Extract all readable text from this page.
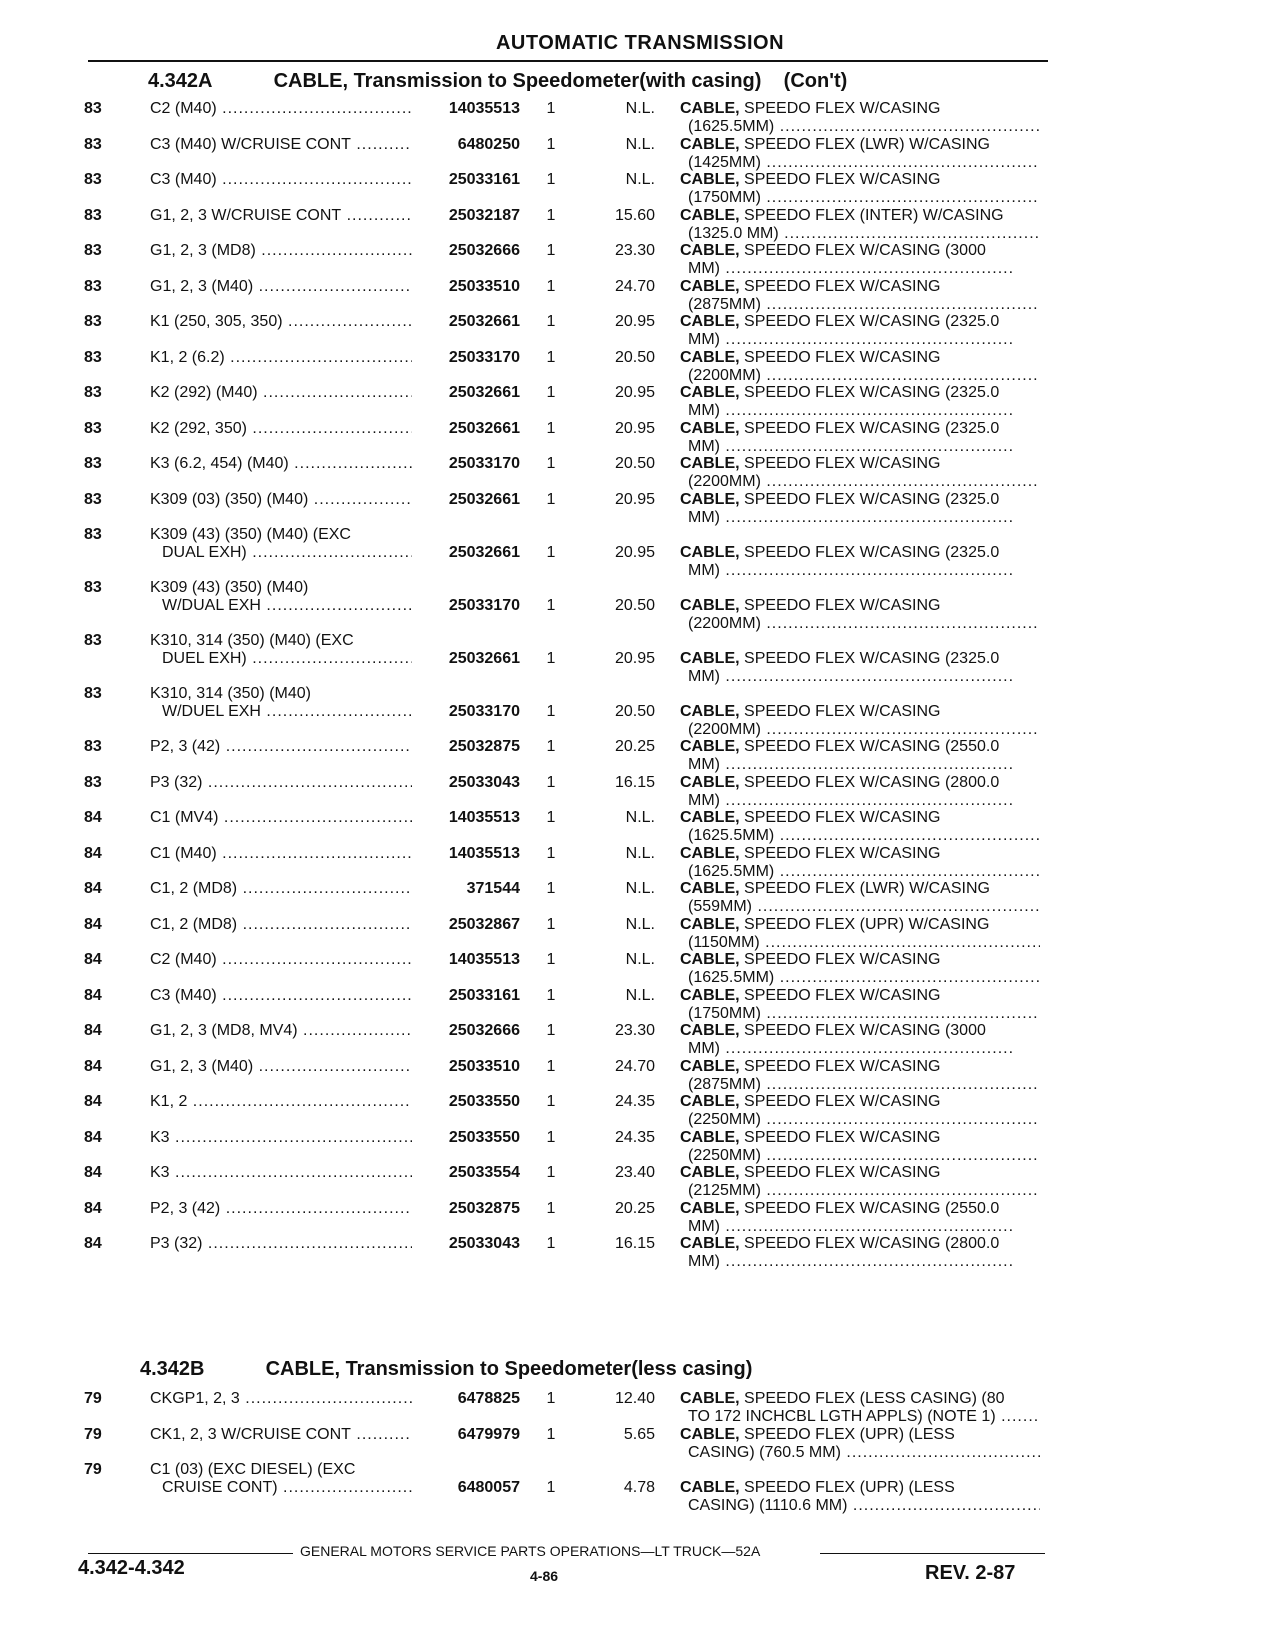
AUTOMATIC TRANSMISSION
4.342A	CABLE, Transmission to Speedometer(with casing) (Con't)
83	C2 (M40) .....	14035513 1	N.L. CABLE, SPEEDO FLEX W/CASING
(1625.5MM) .....
83	C3 (M40) W/CRUISE CONT .....	6480250 1	N.L. CABLE, SPEEDO FLEX (LWR) W/CASING
(1425MM) .....
83	C3 (M40) .....	25033161 1	N.L. CABLE, SPEEDO FLEX W/CASING
(1750MM) .....
83	G1, 2, 3 W/CRUISE CONT .....	25032187 1	15.60 CABLE, SPEEDO FLEX (INTER) W/CASING
(1325.0 MM) .....
83	G1, 2, 3 (MD8) .....	25032666 1	23.30 CABLE, SPEEDO FLEX W/CASING (3000
MM) .....
83	G1, 2, 3 (M40) .....	25033510 1	24.70 CABLE, SPEEDO FLEX W/CASING
(2875MM) .....
83	K1 (250, 305, 350) .....	25032661 1	20.95 CABLE, SPEEDO FLEX W/CASING (2325.0
MM) .....
83	K1, 2 (6.2) .....	25033170 1	20.50 CABLE, SPEEDO FLEX W/CASING
(2200MM) .....
83	K2 (292) (M40) .....	25032661 1	20.95 CABLE, SPEEDO FLEX W/CASING (2325.0
MM) .....
83	K2 (292, 350) .....	25032661 1	20.95 CABLE, SPEEDO FLEX W/CASING (2325.0
MM) .....
83	K3 (6.2, 454) (M40) .....	25033170 1	20.50 CABLE, SPEEDO FLEX W/CASING
(2200MM) .....
83	K309 (03) (350) (M40) .....	25032661 1	20.95 CABLE, SPEEDO FLEX W/CASING (2325.0
MM) .....
83	K309 (43) (350) (M40) (EXC
DUAL EXH) .....	25032661 1	20.95 CABLE, SPEEDO FLEX W/CASING (2325.0
MM) .....
83	K309 (43) (350) (M40)
W/DUAL EXH .....	25033170 1	20.50 CABLE, SPEEDO FLEX W/CASING
(2200MM) .....
83	K310, 314 (350) (M40) (EXC
DUEL EXH) .....	25032661 1	20.95 CABLE, SPEEDO FLEX W/CASING (2325.0
MM) .....
83	K310, 314 (350) (M40)
W/DUEL EXH .....	25033170 1	20.50 CABLE, SPEEDO FLEX W/CASING
(2200MM) .....
83	P2, 3 (42) .....	25032875 1	20.25 CABLE, SPEEDO FLEX W/CASING (2550.0
MM) .....
83	P3 (32) .....	25033043 1	16.15 CABLE, SPEEDO FLEX W/CASING (2800.0
MM) .....
84	C1 (MV4) .....	14035513 1	N.L. CABLE, SPEEDO FLEX W/CASING
(1625.5MM) .....
84	C1 (M40) .....	14035513 1	N.L. CABLE, SPEEDO FLEX W/CASING
(1625.5MM) .....
84	C1, 2 (MD8) .....	371544 1	N.L. CABLE, SPEEDO FLEX (LWR) W/CASING
(559MM) .....
84	C1, 2 (MD8) .....	25032867 1	N.L. CABLE, SPEEDO FLEX (UPR) W/CASING
(1150MM) .....
84	C2 (M40) .....	14035513 1	N.L. CABLE, SPEEDO FLEX W/CASING
(1625.5MM) .....
84	C3 (M40) .....	25033161 1	N.L. CABLE, SPEEDO FLEX W/CASING
(1750MM) .....
84	G1, 2, 3 (MD8, MV4) .....	25032666 1	23.30 CABLE, SPEEDO FLEX W/CASING (3000
MM) .....
84	G1, 2, 3 (M40) .....	25033510 1	24.70 CABLE, SPEEDO FLEX W/CASING
(2875MM) .....
84	K1, 2 .....	25033550 1	24.35 CABLE, SPEEDO FLEX W/CASING
(2250MM) .....
84	K3 .....	25033550 1	24.35 CABLE, SPEEDO FLEX W/CASING
(2250MM) .....
84	K3 .....	25033554 1	23.40 CABLE, SPEEDO FLEX W/CASING
(2125MM) .....
84	P2, 3 (42) .....	25032875 1	20.25 CABLE, SPEEDO FLEX W/CASING (2550.0
MM) .....
84	P3 (32) .....	25033043 1	16.15 CABLE, SPEEDO FLEX W/CASING (2800.0
MM) .....
4.342B	CABLE, Transmission to Speedometer(less casing)
79	CKGP1, 2, 3 .....	6478825 1	12.40 CABLE, SPEEDO FLEX (LESS CASING) (80
TO 172 INCHCBL LGTH APPLS) (NOTE 1) .....
79	CK1, 2, 3 W/CRUISE CONT .....	6479979 1	5.65 CABLE, SPEEDO FLEX (UPR) (LESS
CASING) (760.5 MM) .....
79	C1 (03) (EXC DIESEL) (EXC
CRUISE CONT) .....	6480057 1	4.78 CABLE, SPEEDO FLEX (UPR) (LESS
CASING) (1110.6 MM) .....
GENERAL MOTORS SERVICE PARTS OPERATIONS—LT TRUCK—52A
4.342-4.342	4-86	REV. 2-87
